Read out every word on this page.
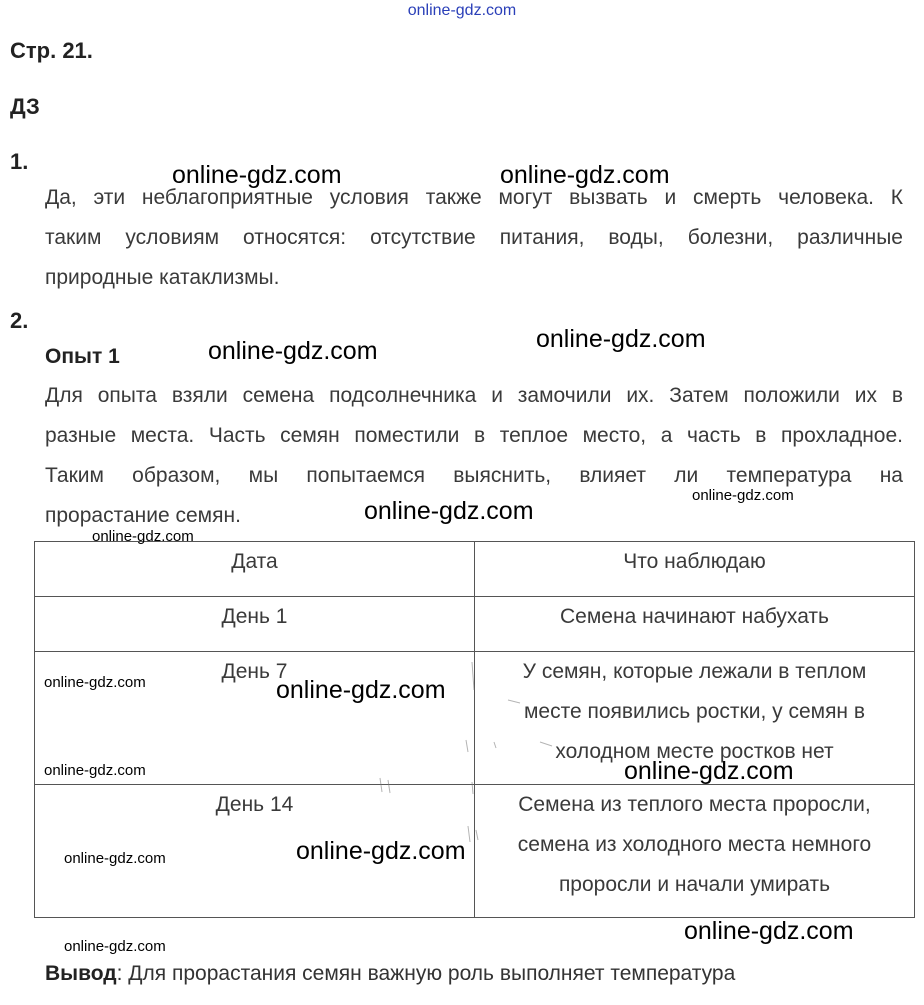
online-gdz.com
Стр. 21.
ДЗ
1.
Да, эти неблагоприятные условия также могут вызвать и смерть человека. К
таким условиям относятся: отсутствие питания, воды, болезни, различные
природные катаклизмы.
2.
Опыт 1
Для опыта взяли семена подсолнечника и замочили их. Затем положили их в
разные места. Часть семян поместили в теплое место, а часть в прохладное.
Таким образом, мы попытаемся выяснить, влияет ли температура на
прорастание семян.
Дата	Что наблюдаю
День 1	Семена начинают набухать

День 7	У семян, которые лежали в теплом
месте появились ростки, у семян в
холодном месте ростков нет

День 14	Семена из теплого места проросли,
семена из холодного места немного
проросли и начали умирать
Вывод: Для прорастания семян важную роль выполняет температура
online-gdz.com	online-gdz.com
online-gdz.com
online-gdz.com
online-gdz.com
online-gdz.com
online-gdz.com
online-gdz.com	online-gdz.com
online-gdz.com	online-gdz.com
online-gdz.com
online-gdz.com
online-gdz.com
online-gdz.com
